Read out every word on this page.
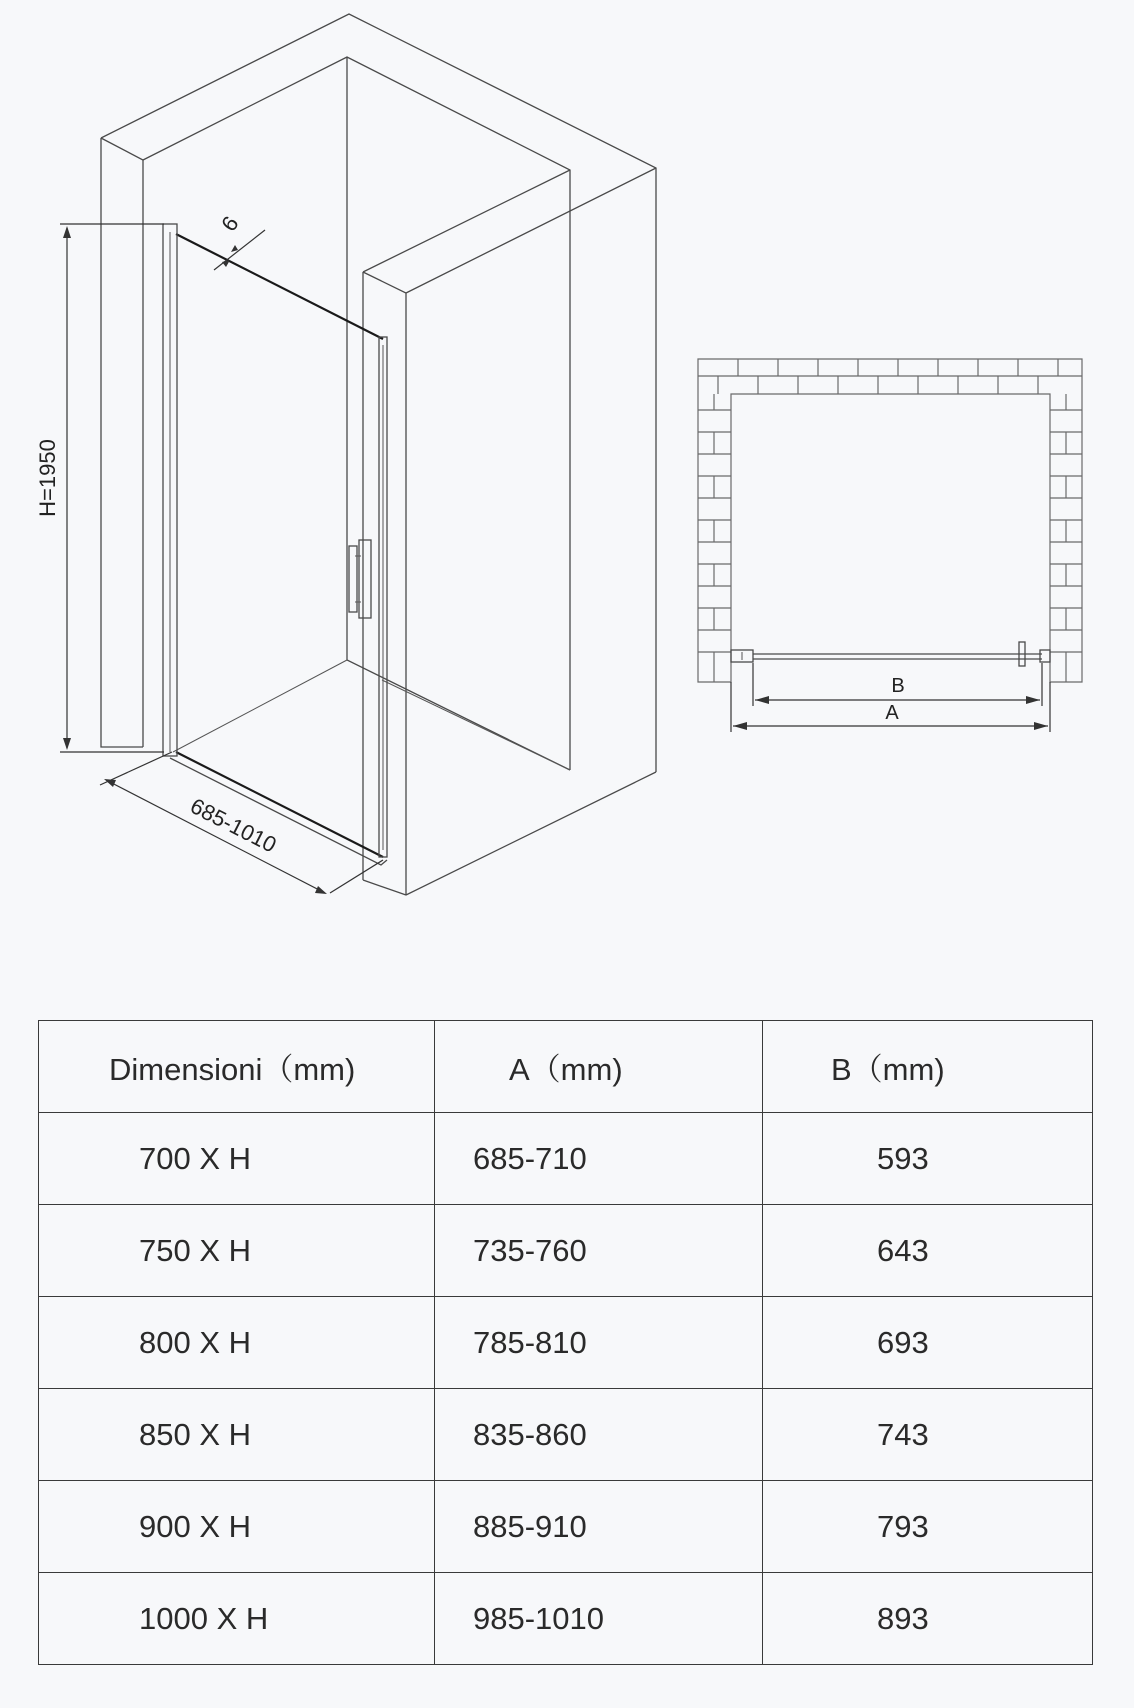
6
H=1950
685-1010
B
A
Dimensioni（mm)	A（mm)	B（mm)
700 X H	685-710	593
750 X H	735-760	643
800 X H	785-810	693
850 X H	835-860	743
900 X H	885-910	793
1000 X H	985-1010	893
